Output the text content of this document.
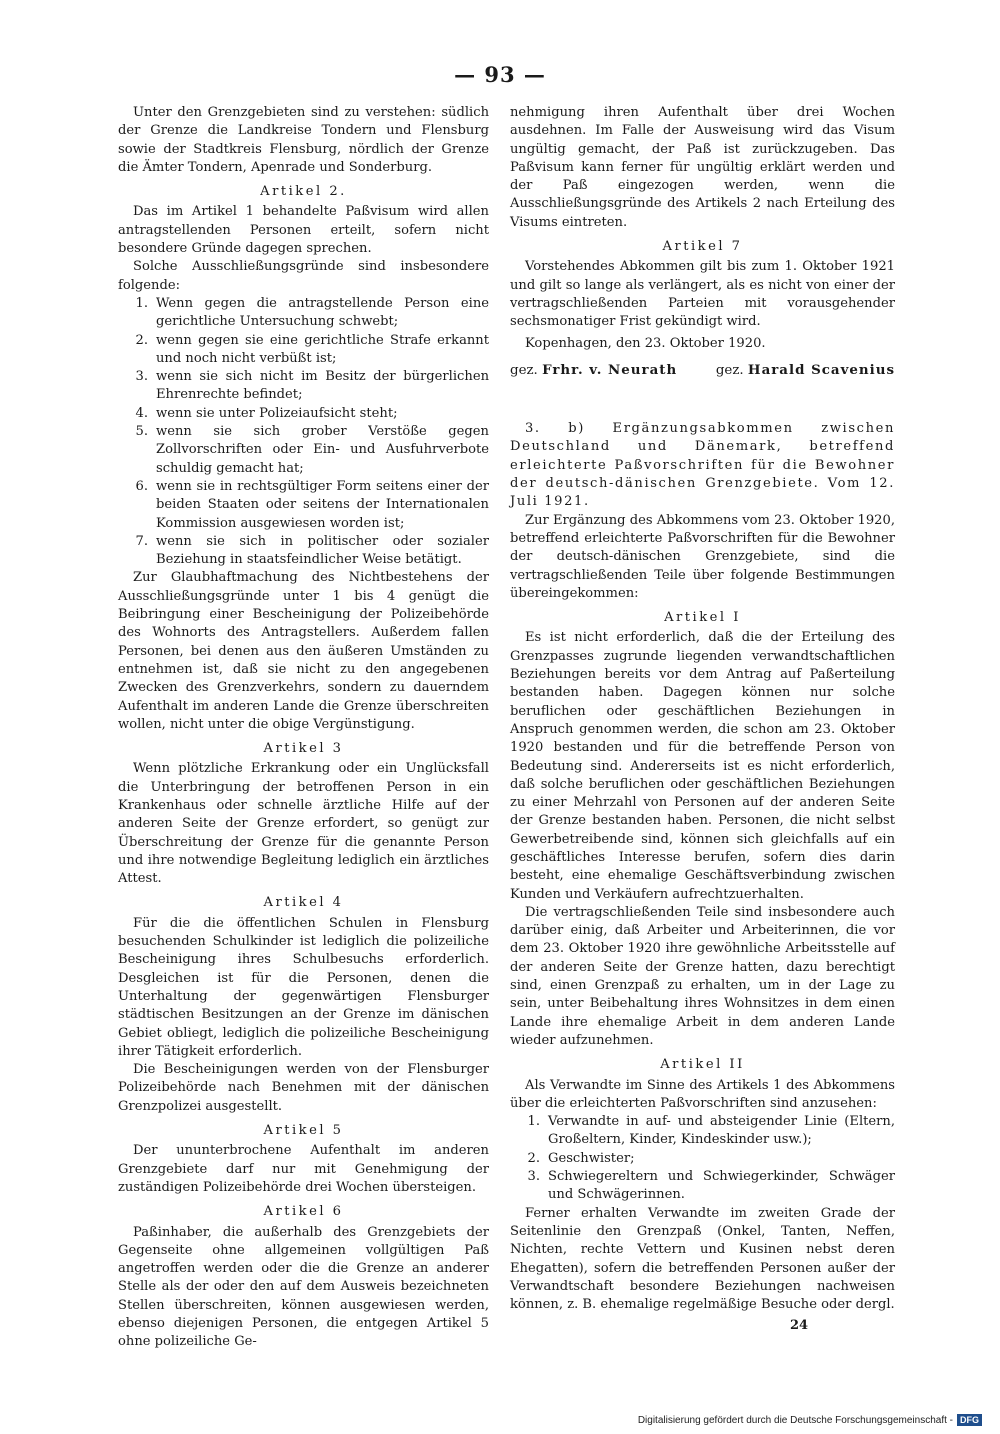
— 93 —

Unter den Grenzgebieten sind zu verstehen: südlich der Grenze die Landkreise Tondern und Flensburg sowie der Stadtkreis Flensburg, nördlich der Grenze die Ämter Tondern, Apenrade und Sonderburg.

Artikel 2.

Das im Artikel 1 behandelte Paßvisum wird allen antragstellenden Personen erteilt, sofern nicht besondere Gründe dagegen sprechen.

Solche Ausschließungsgründe sind insbesondere folgende:

1. Wenn gegen die antragstellende Person eine gerichtliche Untersuchung schwebt;
2. wenn gegen sie eine gerichtliche Strafe erkannt und noch nicht verbüßt ist;
3. wenn sie sich nicht im Besitz der bürgerlichen Ehrenrechte befindet;
4. wenn sie unter Polizeiaufsicht steht;
5. wenn sie sich grober Verstöße gegen Zollvorschriften oder Ein- und Ausfuhrverbote schuldig gemacht hat;
6. wenn sie in rechtsgültiger Form seitens einer der beiden Staaten oder seitens der Internationalen Kommission ausgewiesen worden ist;
7. wenn sie sich in politischer oder sozialer Beziehung in staatsfeindlicher Weise betätigt.

Zur Glaubhaftmachung des Nichtbestehens der Ausschließungsgründe unter 1 bis 4 genügt die Beibringung einer Bescheinigung der Polizeibehörde des Wohnorts des Antragstellers. Außerdem fallen Personen, bei denen aus den äußeren Umständen zu entnehmen ist, daß sie nicht zu den angegebenen Zwecken des Grenzverkehrs, sondern zu dauerndem Aufenthalt im anderen Lande die Grenze überschreiten wollen, nicht unter die obige Vergünstigung.

Artikel 3

Wenn plötzliche Erkrankung oder ein Unglücksfall die Unterbringung der betroffenen Person in ein Krankenhaus oder schnelle ärztliche Hilfe auf der anderen Seite der Grenze erfordert, so genügt zur Überschreitung der Grenze für die genannte Person und ihre notwendige Begleitung lediglich ein ärztliches Attest.

Artikel 4

Für die die öffentlichen Schulen in Flensburg besuchenden Schulkinder ist lediglich die polizeiliche Bescheinigung ihres Schulbesuchs erforderlich. Desgleichen ist für die Personen, denen die Unterhaltung der gegenwärtigen Flensburger städtischen Besitzungen an der Grenze im dänischen Gebiet obliegt, lediglich die polizeiliche Bescheinigung ihrer Tätigkeit erforderlich.

Die Bescheinigungen werden von der Flensburger Polizeibehörde nach Benehmen mit der dänischen Grenzpolizei ausgestellt.

Artikel 5

Der ununterbrochene Aufenthalt im anderen Grenzgebiete darf nur mit Genehmigung der zuständigen Polizeibehörde drei Wochen übersteigen.

Artikel 6

Paßinhaber, die außerhalb des Grenzgebiets der Gegenseite ohne allgemeinen vollgültigen Paß angetroffen werden oder die die Grenze an anderer Stelle als der oder den auf dem Ausweis bezeichneten Stellen überschreiten, können ausgewiesen werden, ebenso diejenigen Personen, die entgegen Artikel 5 ohne polizeiliche Ge-

nehmigung ihren Aufenthalt über drei Wochen ausdehnen. Im Falle der Ausweisung wird das Visum ungültig gemacht, der Paß ist zurückzugeben. Das Paßvisum kann ferner für ungültig erklärt werden und der Paß eingezogen werden, wenn die Ausschließungsgründe des Artikels 2 nach Erteilung des Visums eintreten.

Artikel 7

Vorstehendes Abkommen gilt bis zum 1. Oktober 1921 und gilt so lange als verlängert, als es nicht von einer der vertragschließenden Parteien mit vorausgehender sechsmonatiger Frist gekündigt wird.

Kopenhagen, den 23. Oktober 1920.

gez. Frhr. v. Neurath	gez. Harald Scavenius

3. b) Ergänzungsabkommen zwischen Deutschland und Dänemark, betreffend erleichterte Paßvorschriften für die Bewohner der deutsch-dänischen Grenzgebiete. Vom 12. Juli 1921.

Zur Ergänzung des Abkommens vom 23. Oktober 1920, betreffend erleichterte Paßvorschriften für die Bewohner der deutsch-dänischen Grenzgebiete, sind die vertragschließenden Teile über folgende Bestimmungen übereingekommen:

Artikel I

Es ist nicht erforderlich, daß die der Erteilung des Grenzpasses zugrunde liegenden verwandtschaftlichen Beziehungen bereits vor dem Antrag auf Paßerteilung bestanden haben. Dagegen können nur solche beruflichen oder geschäftlichen Beziehungen in Anspruch genommen werden, die schon am 23. Oktober 1920 bestanden und für die betreffende Person von Bedeutung sind. Andererseits ist es nicht erforderlich, daß solche beruflichen oder geschäftlichen Beziehungen zu einer Mehrzahl von Personen auf der anderen Seite der Grenze bestanden haben. Personen, die nicht selbst Gewerbetreibende sind, können sich gleichfalls auf ein geschäftliches Interesse berufen, sofern dies darin besteht, eine ehemalige Geschäftsverbindung zwischen Kunden und Verkäufern aufrechtzuerhalten.

Die vertragschließenden Teile sind insbesondere auch darüber einig, daß Arbeiter und Arbeiterinnen, die vor dem 23. Oktober 1920 ihre gewöhnliche Arbeitsstelle auf der anderen Seite der Grenze hatten, dazu berechtigt sind, einen Grenzpaß zu erhalten, um in der Lage zu sein, unter Beibehaltung ihres Wohnsitzes in dem einen Lande ihre ehemalige Arbeit in dem anderen Lande wieder aufzunehmen.

Artikel II

Als Verwandte im Sinne des Artikels 1 des Abkommens über die erleichterten Paßvorschriften sind anzusehen:

1. Verwandte in auf- und absteigender Linie (Eltern, Großeltern, Kinder, Kindeskinder usw.);
2. Geschwister;
3. Schwiegereltern und Schwiegerkinder, Schwäger und Schwägerinnen.

Ferner erhalten Verwandte im zweiten Grade der Seitenlinie den Grenzpaß (Onkel, Tanten, Neffen, Nichten, rechte Vettern und Kusinen nebst deren Ehegatten), sofern die betreffenden Personen außer der Verwandtschaft besondere Beziehungen nachweisen können, z. B. ehemalige regelmäßige Besuche oder dergl.

24
Digitalisierung gefördert durch die Deutsche Forschungsgemeinschaft - DFG
